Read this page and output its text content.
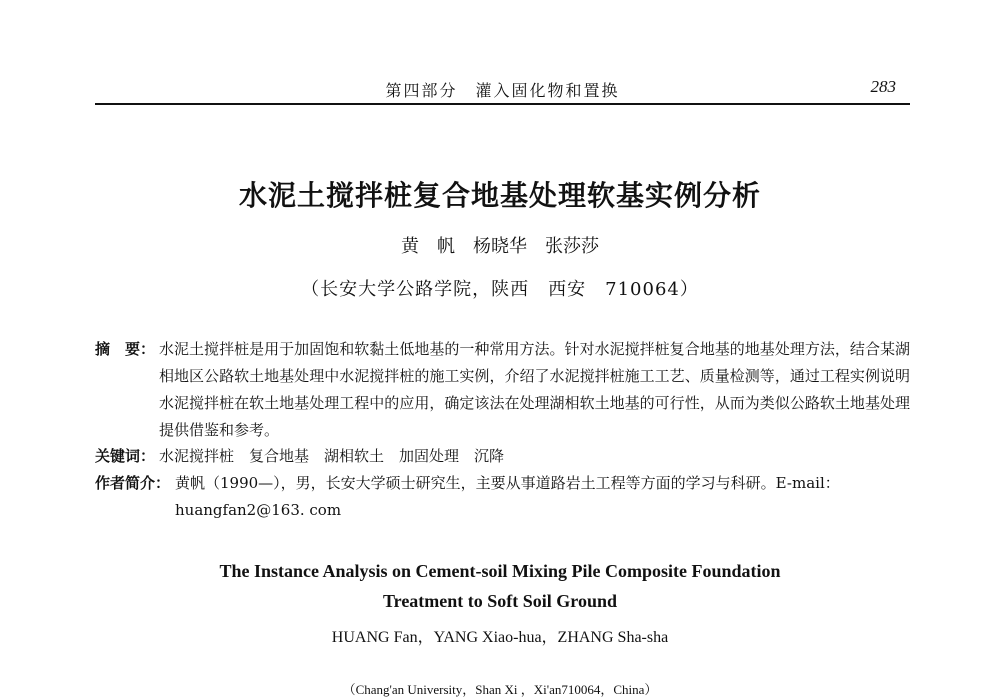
第四部分　灌入固化物和置换	283
水泥土搅拌桩复合地基处理软基实例分析
黄　帆　杨晓华　张莎莎
（长安大学公路学院，陕西　西安　710064）
摘　要： 水泥土搅拌桩是用于加固饱和软黏土低地基的一种常用方法。针对水泥搅拌桩复合地基的地基处理方法，结合某湖相地区公路软土地基处理中水泥搅拌桩的施工实例，介绍了水泥搅拌桩施工工艺、质量检测等，通过工程实例说明水泥搅拌桩在软土地基处理工程中的应用，确定该法在处理湖相软土地基的可行性，从而为类似公路软土地基处理提供借鉴和参考。
关键词： 水泥搅拌桩　复合地基　湖相软土　加固处理　沉降
作者简介： 黄帆（1990—），男，长安大学硕士研究生，主要从事道路岩土工程等方面的学习与科研。E-mail：
huangfan2@163. com
The Instance Analysis on Cement-soil Mixing Pile Composite Foundation
Treatment to Soft Soil Ground
HUANG Fan，YANG Xiao-hua，ZHANG Sha-sha
（Chang'an University，Shan Xi ，Xi'an710064，China）
